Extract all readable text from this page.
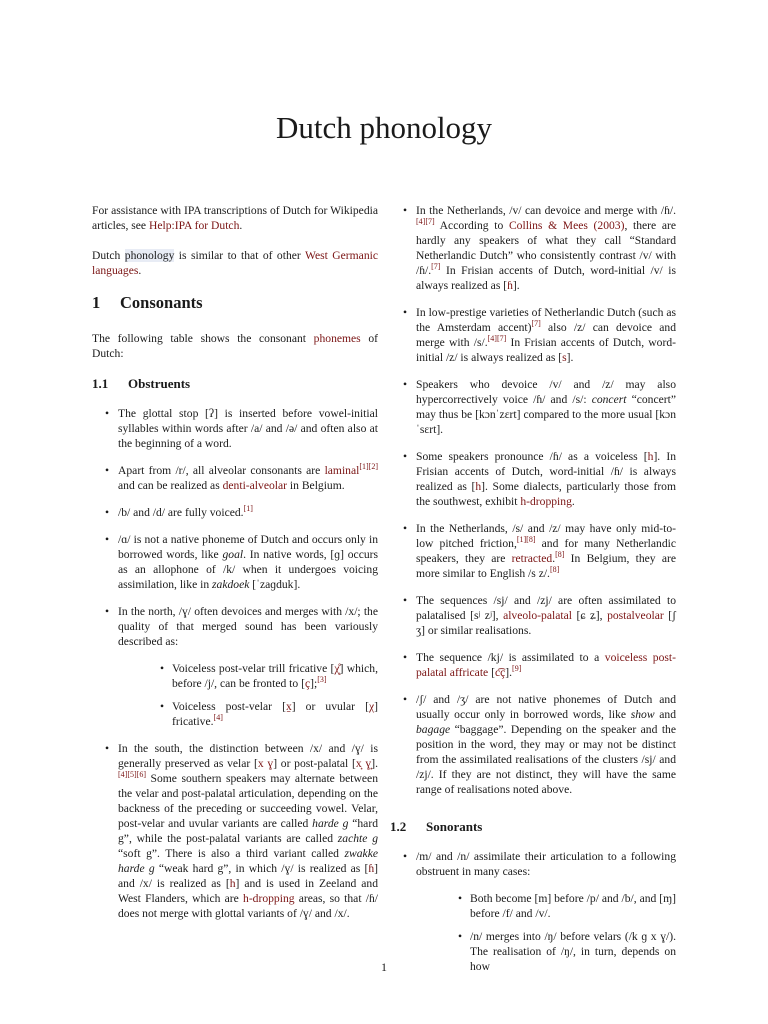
Dutch phonology

For assistance with IPA transcriptions of Dutch for Wikipedia articles, see Help:IPA for Dutch.

Dutch phonology is similar to that of other West Germanic languages.

1 Consonants

The following table shows the consonant phonemes of Dutch:

1.1 Obstruents
• The glottal stop [ʔ] is inserted before vowel-initial syllables within words after /a/ and /ə/ and often also at the beginning of a word.
• Apart from /r/, all alveolar consonants are laminal[1][2] and can be realized as denti-alveolar in Belgium.
• /b/ and /d/ are fully voiced.[1]
• /ɑ/ is not a native phoneme of Dutch and occurs only in borrowed words, like goal. In native words, [ɡ] occurs as an allophone of /k/ when it undergoes voicing assimilation, like in zakdoek [ˈzaɡduk].
• In the north, /ɣ/ often devoices and merges with /x/; the quality of that merged sound has been variously described as:
• Voiceless post-velar trill fricative [χ̝̊] which, before /j/, can be fronted to [ç];[3]
• Voiceless post-velar [x̠] or uvular [χ] fricative.[4]
• In the south, the distinction between /x/ and /ɣ/ is generally preserved as velar [x ɣ] or post-palatal [x̟ ɣ̟].[4][5][6] Some southern speakers may alternate between the velar and post-palatal articulation, depending on the backness of the preceding or succeeding vowel. Velar, post-velar and uvular variants are called harde g “hard g”, while the post-palatal variants are called zachte g “soft g”. There is also a third variant called zwakke harde g “weak hard g”, in which /ɣ/ is realized as [ɦ] and /x/ is realized as [h] and is used in Zeeland and West Flanders, which are h-dropping areas, so that /ɦ/ does not merge with glottal variants of /ɣ/ and /x/.
• In the Netherlands, /v/ can devoice and merge with /ɦ/.[4][7] According to Collins & Mees (2003), there are hardly any speakers of what they call “Standard Netherlandic Dutch” who consistently contrast /v/ with /ɦ/.[7] In Frisian accents of Dutch, word-initial /v/ is always realized as [ɦ].
• In low-prestige varieties of Netherlandic Dutch (such as the Amsterdam accent)[7] also /z/ can devoice and merge with /s/.[4][7] In Frisian accents of Dutch, word-initial /z/ is always realized as [s].
• Speakers who devoice /v/ and /z/ may also hypercorrectively voice /ɦ/ and /s/: concert “concert” may thus be [kɔnˈzɛrt] compared to the more usual [kɔnˈsɛrt].
• Some speakers pronounce /ɦ/ as a voiceless [h]. In Frisian accents of Dutch, word-initial /ɦ/ is always realized as [h]. Some dialects, particularly those from the southwest, exhibit h-dropping.
• In the Netherlands, /s/ and /z/ may have only mid-to-low pitched friction,[1][8] and for many Netherlandic speakers, they are retracted.[8] In Belgium, they are more similar to English /s z/.[8]
• The sequences /sj/ and /zj/ are often assimilated to palatalised [sʲ zʲ], alveolo-palatal [ɕ ʑ], postalveolar [ʃ ʒ] or similar realisations.
• The sequence /kj/ is assimilated to a voiceless post-palatal affricate [c͡ç].[9]
• /ʃ/ and /ʒ/ are not native phonemes of Dutch and usually occur only in borrowed words, like show and bagage “baggage”. Depending on the speaker and the position in the word, they may or may not be distinct from the assimilated realisations of the clusters /sj/ and /zj/. If they are not distinct, they will have the same range of realisations noted above.
1.2 Sonorants
• /m/ and /n/ assimilate their articulation to a following obstruent in many cases:
• Both become [m] before /p/ and /b/, and [ɱ] before /f/ and /v/.
• /n/ merges into /ŋ/ before velars (/k ɡ x ɣ/). The realisation of /ŋ/, in turn, depends on how
1
